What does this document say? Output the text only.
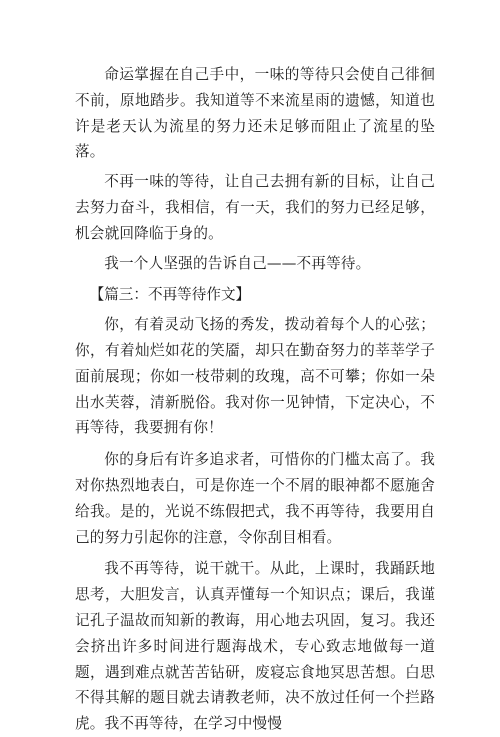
命运掌握在自己手中，一味的等待只会使自己徘徊不前，原地踏步。我知道等不来流星雨的遗憾，知道也许是老天认为流星的努力还未足够而阻止了流星的坠落。

不再一味的等待，让自己去拥有新的目标，让自己去努力奋斗，我相信，有一天，我们的努力已经足够，机会就回降临于身的。

我一个人坚强的告诉自己——不再等待。

【篇三：不再等待作文】

你，有着灵动飞扬的秀发，拨动着每个人的心弦；你，有着灿烂如花的笑靥，却只在勤奋努力的莘莘学子面前展现；你如一枝带刺的玫瑰，高不可攀；你如一朵出水芙蓉，清新脱俗。我对你一见钟情，下定决心，不再等待，我要拥有你！

你的身后有许多追求者，可惜你的门槛太高了。我对你热烈地表白，可是你连一个不屑的眼神都不愿施舍给我。是的，光说不练假把式，我不再等待，我要用自己的努力引起你的注意，令你刮目相看。

我不再等待，说干就干。从此，上课时，我踊跃地思考，大胆发言，认真弄懂每一个知识点；课后，我谨记孔子温故而知新的教诲，用心地去巩固，复习。我还会挤出许多时间进行题海战术，专心致志地做每一道题，遇到难点就苦苦钻研，废寝忘食地冥思苦想。白思不得其解的题目就去请教老师，决不放过任何一个拦路虎。我不再等待，在学习中慢慢
